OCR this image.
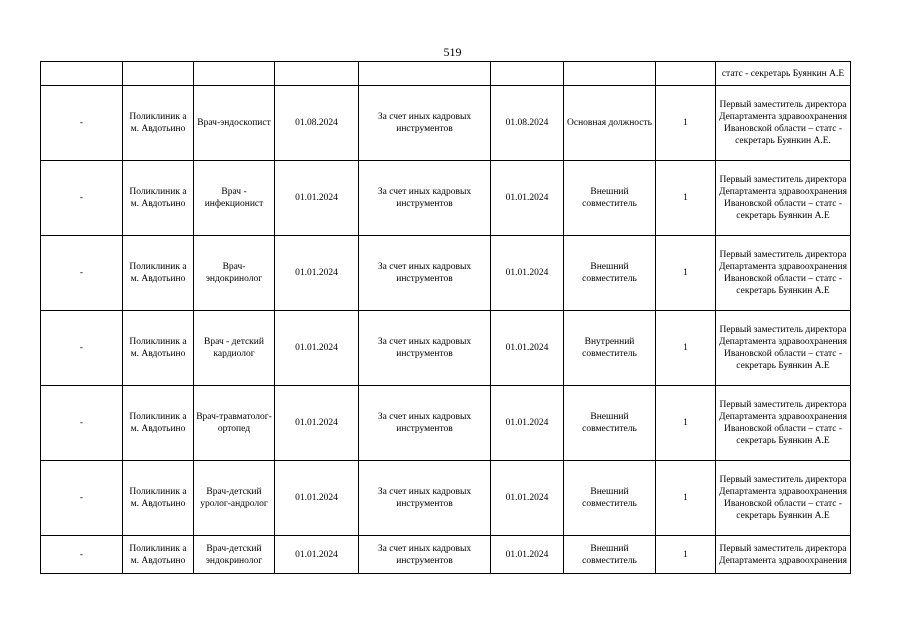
519
								статс - секретарь Буянкин А.Е
-	Поликлиник а м. Авдотьино	Врач-эндоскопист	01.08.2024	За счет иных кадровых инструментов	01.08.2024	Основная должность	1	Первый заместитель директора Департамента здравоохранения Ивановской области – статс - секретарь Буянкин А.Е.
-	Поликлиник а м. Авдотьино	Врач - инфекционист	01.01.2024	За счет иных кадровых инструментов	01.01.2024	Внешний совместитель	1	Первый заместитель директора Департамента здравоохранения Ивановской области – статс - секретарь Буянкин А.Е
-	Поликлиник а м. Авдотьино	Врач-эндокринолог	01.01.2024	За счет иных кадровых инструментов	01.01.2024	Внешний совместитель	1	Первый заместитель директора Департамента здравоохранения Ивановской области – статс - секретарь Буянкин А.Е
-	Поликлиник а м. Авдотьино	Врач - детский кардиолог	01.01.2024	За счет иных кадровых инструментов	01.01.2024	Внутренний совместитель	1	Первый заместитель директора Департамента здравоохранения Ивановской области – статс - секретарь Буянкин А.Е
-	Поликлиник а м. Авдотьино	Врач-травматолог-ортопед	01.01.2024	За счет иных кадровых инструментов	01.01.2024	Внешний совместитель	1	Первый заместитель директора Департамента здравоохранения Ивановской области – статс - секретарь Буянкин А.Е
-	Поликлиник а м. Авдотьино	Врач-детский уролог-андролог	01.01.2024	За счет иных кадровых инструментов	01.01.2024	Внешний совместитель	1	Первый заместитель директора Департамента здравоохранения Ивановской области – статс - секретарь Буянкин А.Е
-	Поликлиник а м. Авдотьино	Врач-детский эндокринолог	01.01.2024	За счет иных кадровых инструментов	01.01.2024	Внешний совместитель	1	Первый заместитель директора Департамента здравоохранения
